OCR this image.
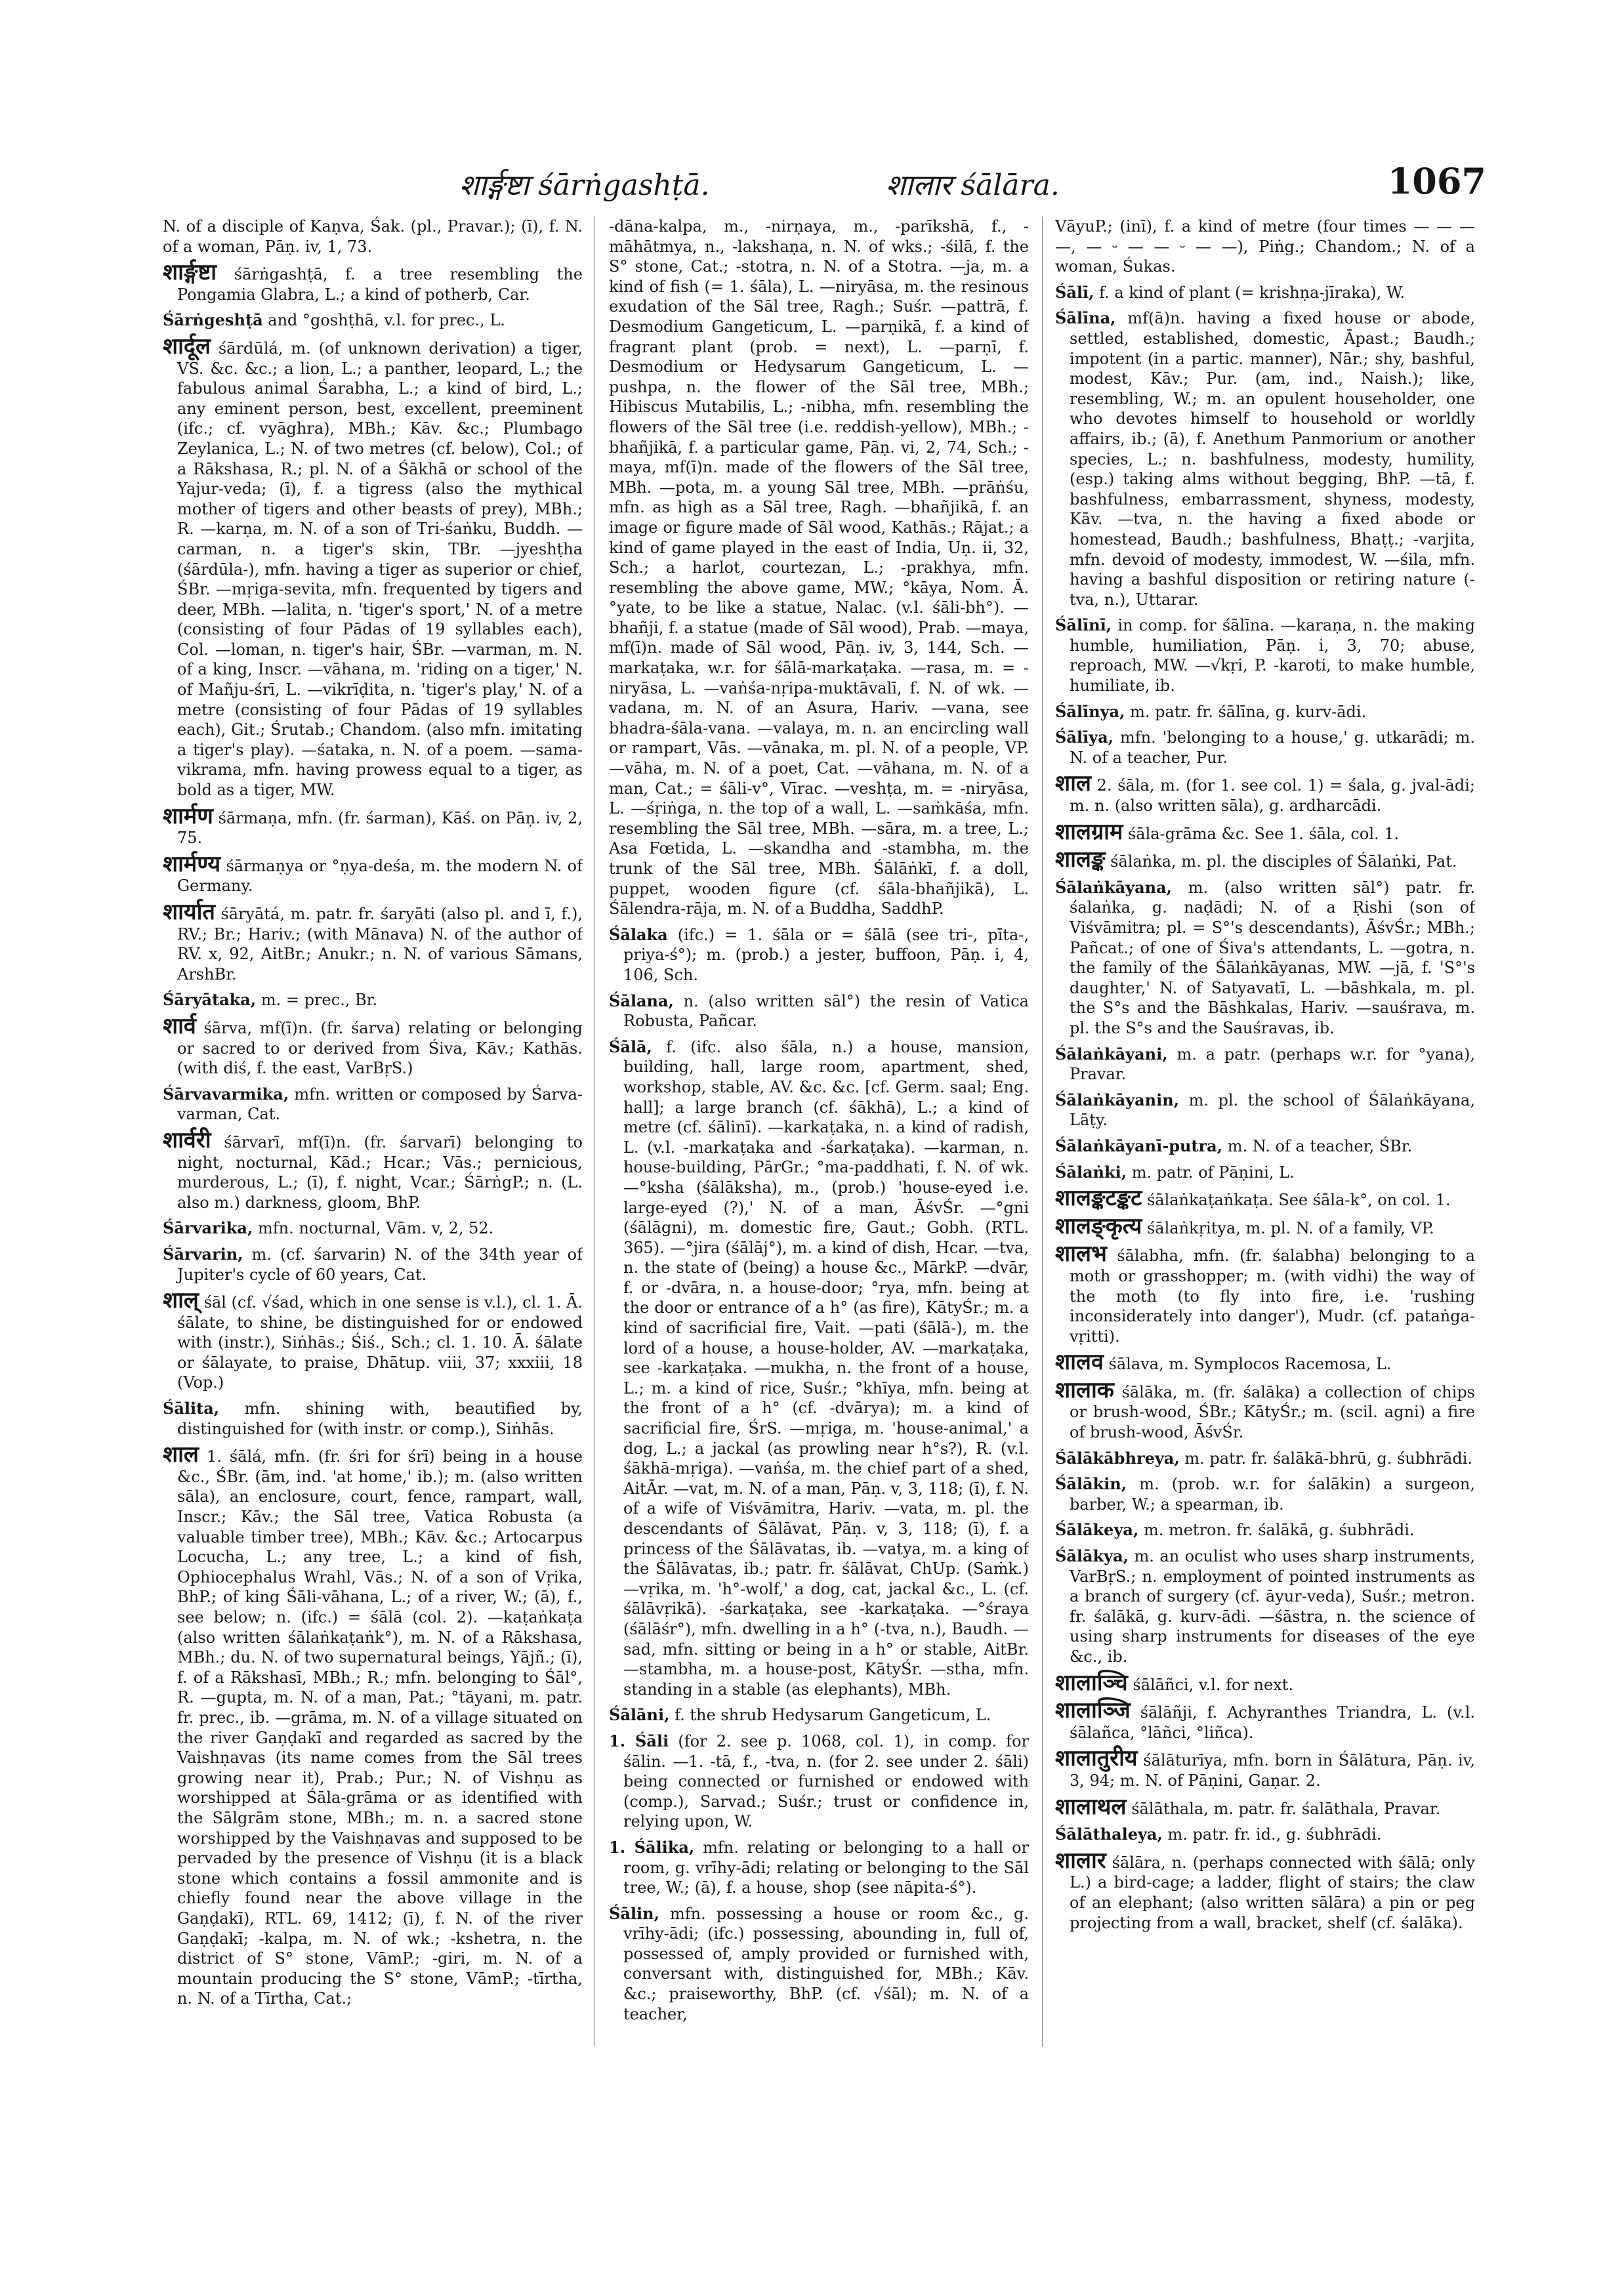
शार्ङ्गष्टा śārṅgashṭā.	शालार śālāra.	1067

N. of a disciple of Kaṇva, Śak. (pl., Pravar.); (ī), f. N. of a woman, Pāṇ. iv, 1, 73.

शार्ङ्गष्टा śārṅgashṭā, f. a tree resembling the Pongamia Glabra, L.; a kind of potherb, Car.

Śārṅgeshṭā and °goshṭhā, v.l. for prec., L.

शार्दूल śārdūlá, m. (of unknown derivation) a tiger, VS. &c. &c.; a lion, L.; a panther, leopard, L.; the fabulous animal Śarabha, L.; a kind of bird, L.; any eminent person, best, excellent, preeminent (ifc.; cf. vyāghra), MBh.; Kāv. &c.; Plumbago Zeylanica, L.; N. of two metres (cf. below), Col.; of a Rākshasa, R.; pl. N. of a Śākhā or school of the Yajur-veda; (ī), f. a tigress (also the mythical mother of tigers and other beasts of prey), MBh.; R. —karṇa, m. N. of a son of Tri-śaṅku, Buddh. —carman, n. a tiger's skin, TBr. —jyeshṭha (śārdūla-), mfn. having a tiger as superior or chief, ŚBr. —mṛiga-sevita, mfn. frequented by tigers and deer, MBh. —lalita, n. 'tiger's sport,' N. of a metre (consisting of four Pādas of 19 syllables each), Col. —loman, n. tiger's hair, ŚBr. —varman, m. N. of a king, Inscr. —vāhana, m. 'riding on a tiger,' N. of Mañju-śrī, L. —vikrīḍita, n. 'tiger's play,' N. of a metre (consisting of four Pādas of 19 syllables each), Git.; Śrutab.; Chandom. (also mfn. imitating a tiger's play). —śataka, n. N. of a poem. —sama-vikrama, mfn. having prowess equal to a tiger, as bold as a tiger, MW.

शार्मण śārmaṇa, mfn. (fr. śarman), Kāś. on Pāṇ. iv, 2, 75.

शार्मण्य śārmaṇya or °ṇya-deśa, m. the modern N. of Germany.

शार्यात śāryātá, m. patr. fr. śaryāti (also pl. and ī, f.), RV.; Br.; Hariv.; (with Mānava) N. of the author of RV. x, 92, AitBr.; Anukr.; n. N. of various Sāmans, ArshBr.

Śāryātaka, m. = prec., Br.

शार्व śārva, mf(ī)n. (fr. śarva) relating or belonging or sacred to or derived from Śiva, Kāv.; Kathās. (with diś, f. the east, VarBṛS.)

Śārvavarmika, mfn. written or composed by Śarva-varman, Cat.

शार्वरी śārvarī, mf(ī)n. (fr. śarvarī) belonging to night, nocturnal, Kād.; Hcar.; Vās.; pernicious, murderous, L.; (ī), f. night, Vcar.; ŚārṅgP.; n. (L. also m.) darkness, gloom, BhP.

Śārvarika, mfn. nocturnal, Vām. v, 2, 52.

Śārvarin, m. (cf. śarvarin) N. of the 34th year of Jupiter's cycle of 60 years, Cat.

शाल् śāl (cf. √śad, which in one sense is v.l.), cl. 1. Ā. śālate, to shine, be distinguished for or endowed with (instr.), Siṅhās.; Śiś., Sch.; cl. 1. 10. Ā. śālate or śālayate, to praise, Dhātup. viii, 37; xxxiii, 18 (Vop.)

Śālita, mfn. shining with, beautified by, distinguished for (with instr. or comp.), Siṅhās.

शाल 1. śālá, mfn. (fr. śri for śrī) being in a house &c., ŚBr. (ām, ind. 'at home,' ib.); m. (also written sāla), an enclosure, court, fence, rampart, wall, Inscr.; Kāv.; the Sāl tree, Vatica Robusta (a valuable timber tree), MBh.; Kāv. &c.; Artocarpus Locucha, L.; any tree, L.; a kind of fish, Ophiocephalus Wrahl, Vās.; N. of a son of Vṛika, BhP.; of king Śāli-vāhana, L.; of a river, W.; (ā), f., see below; n. (ifc.) = śālā (col. 2). —kaṭaṅkaṭa (also written śālaṅkaṭaṅk°), m. N. of a Rākshasa, MBh.; du. N. of two supernatural beings, Yājñ.; (ī), f. of a Rākshasī, MBh.; R.; mfn. belonging to Śāl°, R. —gupta, m. N. of a man, Pat.; °tāyani, m. patr. fr. prec., ib. —grāma, m. N. of a village situated on the river Gaṇḍakī and regarded as sacred by the Vaishṇavas (its name comes from the Sāl trees growing near it), Prab.; Pur.; N. of Vishṇu as worshipped at Śāla-grāma or as identified with the Sālgrām stone, MBh.; m. n. a sacred stone worshipped by the Vaishṇavas and supposed to be pervaded by the presence of Vishṇu (it is a black stone which contains a fossil ammonite and is chiefly found near the above village in the Gaṇḍakī), RTL. 69, 1412; (ī), f. N. of the river Gaṇḍakī; -kalpa, m. N. of wk.; -kshetra, n. the district of S° stone, VāmP.; -giri, m. N. of a mountain producing the S° stone, VāmP.; -tīrtha, n. N. of a Tīrtha, Cat.;

-dāna-kalpa, m., -nirṇaya, m., -parīkshā, f., -māhātmya, n., -lakshaṇa, n. N. of wks.; -śilā, f. the S° stone, Cat.; -stotra, n. N. of a Stotra. —ja, m. a kind of fish (= 1. śāla), L. —niryāsa, m. the resinous exudation of the Sāl tree, Ragh.; Suśr. —pattrā, f. Desmodium Gangeticum, L. —parṇikā, f. a kind of fragrant plant (prob. = next), L. —parṇī, f. Desmodium or Hedysarum Gangeticum, L. —pushpa, n. the flower of the Sāl tree, MBh.; Hibiscus Mutabilis, L.; -nibha, mfn. resembling the flowers of the Sāl tree (i.e. reddish-yellow), MBh.; -bhañjikā, f. a particular game, Pāṇ. vi, 2, 74, Sch.; -maya, mf(ī)n. made of the flowers of the Sāl tree, MBh. —pota, m. a young Sāl tree, MBh. —prāṅśu, mfn. as high as a Sāl tree, Ragh. —bhañjikā, f. an image or figure made of Sāl wood, Kathās.; Rājat.; a kind of game played in the east of India, Uṇ. ii, 32, Sch.; a harlot, courtezan, L.; -prakhya, mfn. resembling the above game, MW.; °kāya, Nom. Ā. °yate, to be like a statue, Nalac. (v.l. śāli-bh°). —bhañji, f. a statue (made of Sāl wood), Prab. —maya, mf(ī)n. made of Sāl wood, Pāṇ. iv, 3, 144, Sch. —markaṭaka, w.r. for śālā-markaṭaka. —rasa, m. = -niryāsa, L. —vaṅśa-nṛipa-muktāvalī, f. N. of wk. —vadana, m. N. of an Asura, Hariv. —vana, see bhadra-śāla-vana. —valaya, m. n. an encircling wall or rampart, Vās. —vānaka, m. pl. N. of a people, VP. —vāha, m. N. of a poet, Cat. —vāhana, m. N. of a man, Cat.; = śāli-v°, Vīrac. —veshṭa, m. = -niryāsa, L. —śṛiṅga, n. the top of a wall, L. —saṁkāśa, mfn. resembling the Sāl tree, MBh. —sāra, m. a tree, L.; Asa Fœtida, L. —skandha and -stambha, m. the trunk of the Sāl tree, MBh. Śālāṅkī, f. a doll, puppet, wooden figure (cf. śāla-bhañjikā), L. Śālendra-rāja, m. N. of a Buddha, SaddhP.

Śālaka (ifc.) = 1. śāla or = śālā (see tri-, pīta-, priya-ś°); m. (prob.) a jester, buffoon, Pāṇ. i, 4, 106, Sch.

Śālana, n. (also written sāl°) the resin of Vatica Robusta, Pañcar.

Śālā, f. (ifc. also śāla, n.) a house, mansion, building, hall, large room, apartment, shed, workshop, stable, AV. &c. &c. [cf. Germ. saal; Eng. hall]; a large branch (cf. śākhā), L.; a kind of metre (cf. śālinī). —karkaṭaka, n. a kind of radish, L. (v.l. -markaṭaka and -śarkaṭaka). —karman, n. house-building, PārGr.; °ma-paddhati, f. N. of wk. —°ksha (śālāksha), m., (prob.) 'house-eyed i.e. large-eyed (?),' N. of a man, ĀśvŚr. —°gni (śālāgni), m. domestic fire, Gaut.; Gobh. (RTL. 365). —°jira (śālāj°), m. a kind of dish, Hcar. —tva, n. the state of (being) a house &c., MārkP. —dvār, f. or -dvāra, n. a house-door; °rya, mfn. being at the door or entrance of a h° (as fire), KātyŚr.; m. a kind of sacrificial fire, Vait. —pati (śālā-), m. the lord of a house, a house-holder, AV. —markaṭaka, see -karkaṭaka. —mukha, n. the front of a house, L.; m. a kind of rice, Suśr.; °khīya, mfn. being at the front of a h° (cf. -dvārya); m. a kind of sacrificial fire, ŚrS. —mṛiga, m. 'house-animal,' a dog, L.; a jackal (as prowling near h°s?), R. (v.l. śākhā-mṛiga). —vaṅśa, m. the chief part of a shed, AitĀr. —vat, m. N. of a man, Pāṇ. v, 3, 118; (ī), f. N. of a wife of Viśvāmitra, Hariv. —vata, m. pl. the descendants of Śālāvat, Pāṇ. v, 3, 118; (ī), f. a princess of the Śālāvatas, ib. —vatya, m. a king of the Śālāvatas, ib.; patr. fr. śālāvat, ChUp. (Saṁk.) —vṛika, m. 'h°-wolf,' a dog, cat, jackal &c., L. (cf. śālāvṛikā). -śarkaṭaka, see -karkaṭaka. —°śraya (śālāśr°), mfn. dwelling in a h° (-tva, n.), Baudh. —sad, mfn. sitting or being in a h° or stable, AitBr. —stambha, m. a house-post, KātyŚr. —stha, mfn. standing in a stable (as elephants), MBh.

Śālāni, f. the shrub Hedysarum Gangeticum, L.

1. Śāli (for 2. see p. 1068, col. 1), in comp. for śālin. —1. -tā, f., -tva, n. (for 2. see under 2. śāli) being connected or furnished or endowed with (comp.), Sarvad.; Suśr.; trust or confidence in, relying upon, W.

1. Śālika, mfn. relating or belonging to a hall or room, g. vrīhy-ādi; relating or belonging to the Sāl tree, W.; (ā), f. a house, shop (see nāpita-ś°).

Śālin, mfn. possessing a house or room &c., g. vrīhy-ādi; (ifc.) possessing, abounding in, full of, possessed of, amply provided or furnished with, conversant with, distinguished for, MBh.; Kāv. &c.; praiseworthy, BhP. (cf. √śāl); m. N. of a teacher,

VāyuP.; (inī), f. a kind of metre (four times — — — —, — ⏑ — — ⏑ — —), Piṅg.; Chandom.; N. of a woman, Śukas.

Śālī, f. a kind of plant (= krishṇa-jīraka), W.

Śālīna, mf(ā)n. having a fixed house or abode, settled, established, domestic, Āpast.; Baudh.; impotent (in a partic. manner), Nār.; shy, bashful, modest, Kāv.; Pur. (am, ind., Naish.); like, resembling, W.; m. an opulent householder, one who devotes himself to household or worldly affairs, ib.; (ā), f. Anethum Panmorium or another species, L.; n. bashfulness, modesty, humility, (esp.) taking alms without begging, BhP. —tā, f. bashfulness, embarrassment, shyness, modesty, Kāv. —tva, n. the having a fixed abode or homestead, Baudh.; bashfulness, Bhaṭṭ.; -varjita, mfn. devoid of modesty, immodest, W. —śila, mfn. having a bashful disposition or retiring nature (-tva, n.), Uttarar.

Śālīnī, in comp. for śālīna. —karaṇa, n. the making humble, humiliation, Pāṇ. i, 3, 70; abuse, reproach, MW. —√kṛi, P. -karoti, to make humble, humiliate, ib.

Śālīnya, m. patr. fr. śālīna, g. kurv-ādi.

Śālīya, mfn. 'belonging to a house,' g. utkarādi; m. N. of a teacher, Pur.

शाल 2. śāla, m. (for 1. see col. 1) = śala, g. jval-ādi; m. n. (also written sāla), g. ardharcādi.

शालग्राम śāla-grāma &c. See 1. śāla, col. 1.

शालङ्क śālaṅka, m. pl. the disciples of Śālaṅki, Pat.

Śālaṅkāyana, m. (also written sāl°) patr. fr. śalaṅka, g. naḍādi; N. of a Ṛishi (son of Viśvāmitra; pl. = S°'s descendants), ĀśvŚr.; MBh.; Pañcat.; of one of Śiva's attendants, L. —gotra, n. the family of the Śālaṅkāyanas, MW. —jā, f. 'S°'s daughter,' N. of Satyavatī, L. —bāshkala, m. pl. the S°s and the Bāshkalas, Hariv. —sauśrava, m. pl. the S°s and the Sauśravas, ib.

Śālaṅkāyani, m. a patr. (perhaps w.r. for °yana), Pravar.

Śālaṅkāyanin, m. pl. the school of Śālaṅkāyana, Lāṭy.

Śālaṅkāyanī-putra, m. N. of a teacher, ŚBr.

Śālaṅki, m. patr. of Pāṇini, L.

शालङ्कटङ्कट śālaṅkaṭaṅkaṭa. See śāla-k°, on col. 1.

शालङ्कृत्य śālaṅkṛitya, m. pl. N. of a family, VP.

शालभ śālabha, mfn. (fr. śalabha) belonging to a moth or grasshopper; m. (with vidhi) the way of the moth (to fly into fire, i.e. 'rushing inconsiderately into danger'), Mudr. (cf. pataṅga-vṛitti).

शालव śālava, m. Symplocos Racemosa, L.

शालाक śālāka, m. (fr. śalāka) a collection of chips or brush-wood, ŚBr.; KātyŚr.; m. (scil. agni) a fire of brush-wood, ĀśvŚr.

Śālākābhreya, m. patr. fr. śalākā-bhrū, g. śubhrādi.

Śālākin, m. (prob. w.r. for śalākin) a surgeon, barber, W.; a spearman, ib.

Śālākeya, m. metron. fr. śalākā, g. śubhrādi.

Śālākya, m. an oculist who uses sharp instruments, VarBṛS.; n. employment of pointed instruments as a branch of surgery (cf. āyur-veda), Suśr.; metron. fr. śalākā, g. kurv-ādi. —śāstra, n. the science of using sharp instruments for diseases of the eye &c., ib.

शालाञ्चि śālāñci, v.l. for next.

शालाञ्जि śālāñji, f. Achyranthes Triandra, L. (v.l. śālañca, °lāñci, °liñca).

शालातुरीय śālāturīya, mfn. born in Śālātura, Pāṇ. iv, 3, 94; m. N. of Pāṇini, Gaṇar. 2.

शालाथल śālāthala, m. patr. fr. śalāthala, Pravar.

Śālāthaleya, m. patr. fr. id., g. śubhrādi.

शालार śālāra, n. (perhaps connected with śālā; only L.) a bird-cage; a ladder, flight of stairs; the claw of an elephant; (also written sālāra) a pin or peg projecting from a wall, bracket, shelf (cf. śalāka).
